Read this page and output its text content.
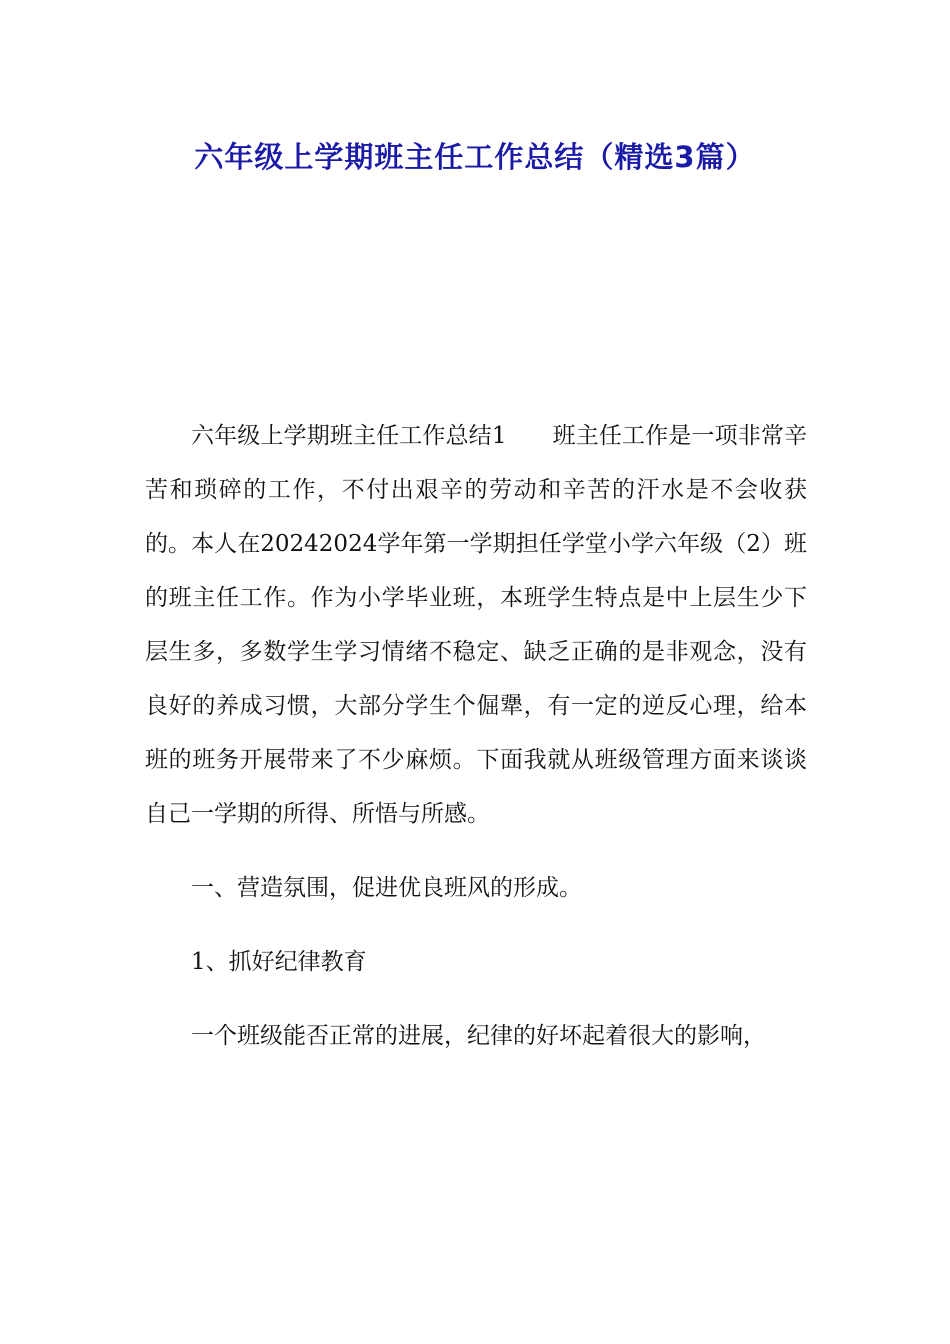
六年级上学期班主任工作总结（精选3篇）

六年级上学期班主任工作总结1 班主任工作是一项非常辛苦和琐碎的工作，不付出艰辛的劳动和辛苦的汗水是不会收获的。本人在20242024学年第一学期担任学堂小学六年级（2）班的班主任工作。作为小学毕业班，本班学生特点是中上层生少下层生多，多数学生学习情绪不稳定、缺乏正确的是非观念，没有良好的养成习惯，大部分学生个倔犟，有一定的逆反心理，给本班的班务开展带来了不少麻烦。下面我就从班级管理方面来谈谈自己一学期的所得、所悟与所感。

一、营造氛围，促进优良班风的形成。

1、抓好纪律教育

一个班级能否正常的进展，纪律的好坏起着很大的影响，
